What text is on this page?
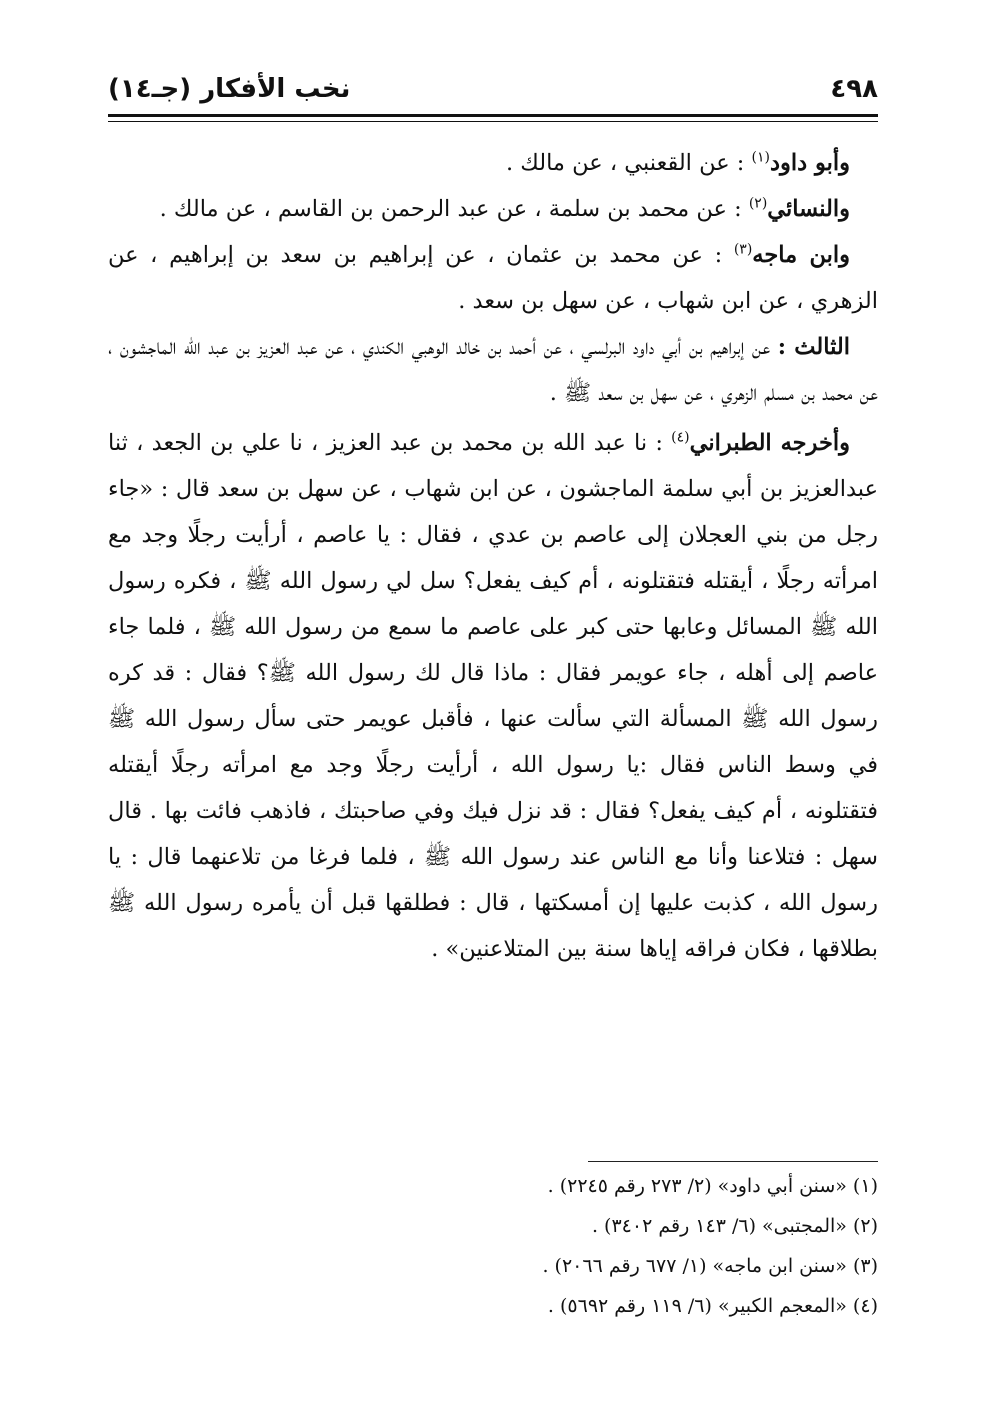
٤٩٨
نخب الأفكار (جـ١٤)

وأبو داود$^{(١)}$ : عن القعنبي ، عن مالك .

والنسائي$^{(٢)}$ : عن محمد بن سلمة ، عن عبد الرحمن بن القاسم ، عن مالك .

وابن ماجه$^{(٣)}$ : عن محمد بن عثمان ، عن إبراهيم بن سعد بن إبراهيم ، عن الزهري ، عن ابن شهاب ، عن سهل بن سعد .

الثالث : عن إبراهيم بن أبي داود البرلسي ، عن أحمد بن خالد الوهبي الكندي ، عن عبد العزيز بن عبد الله الماجشون ، عن محمد بن مسلم الزهري ، عن سهل بن سعد ﷺ .

وأخرجه الطبراني$^{(٤)}$ : نا عبد الله بن محمد بن عبد العزيز ، نا علي بن الجعد ، ثنا عبدالعزيز بن أبي سلمة الماجشون ، عن ابن شهاب ، عن سهل بن سعد قال : «جاء رجل من بني العجلان إلى عاصم بن عدي ، فقال : يا عاصم ، أرأيت رجلًا وجد مع امرأته رجلًا ، أيقتله فتقتلونه ، أم كيف يفعل؟ سل لي رسول الله ﷺ ، فكره رسول الله ﷺ المسائل وعابها حتى كبر على عاصم ما سمع من رسول الله ﷺ ، فلما جاء عاصم إلى أهله ، جاء عويمر فقال : ماذا قال لك رسول الله ﷺ؟ فقال : قد كره رسول الله ﷺ المسألة التي سألت عنها ، فأقبل عويمر حتى سأل رسول الله ﷺ في وسط الناس فقال :يا رسول الله ، أرأيت رجلًا وجد مع امرأته رجلًا أيقتله فتقتلونه ، أم كيف يفعل؟ فقال : قد نزل فيك وفي صاحبتك ، فاذهب فائت بها . قال سهل : فتلاعنا وأنا مع الناس عند رسول الله ﷺ ، فلما فرغا من تلاعنهما قال : يا رسول الله ، كذبت عليها إن أمسكتها ، قال : فطلقها قبل أن يأمره رسول الله ﷺ بطلاقها ، فكان فراقه إياها سنة بين المتلاعنين» .

(١) «سنن أبي داود» (٢/ ٢٧٣ رقم ٢٢٤٥) .

(٢) «المجتبى» (٦/ ١٤٣ رقم ٣٤٠٢) .

(٣) «سنن ابن ماجه» (١/ ٦٧٧ رقم ٢٠٦٦) .

(٤) «المعجم الكبير» (٦/ ١١٩ رقم ٥٦٩٢) .
